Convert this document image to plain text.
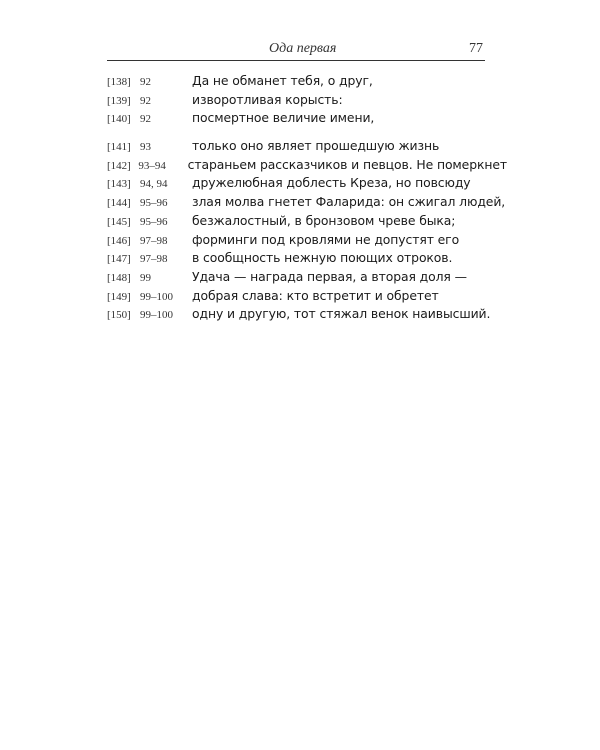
Ода первая	77
[138] 92	Да не обманет тебя, о друг,
[139] 92	изворотливая корысть:
[140] 92	посмертное величие имени,
[141] 93	только оно являет прошедшую жизнь
[142] 93–94	стараньем рассказчиков и певцов. Не померкнет
[143] 94, 94	дружелюбная доблесть Креза, но повсюду
[144] 95–96	злая молва гнетет Фаларида: он сжигал людей,
[145] 95–96	безжалостный, в бронзовом чреве быка;
[146] 97–98	форминги под кровлями не допустят его
[147] 97–98	в сообщность нежную поющих отроков.
[148] 99	Удача — награда первая, а вторая доля —
[149] 99–100	добрая слава: кто встретит и обретет
[150] 99–100	одну и другую, тот стяжал венок наивысший.
